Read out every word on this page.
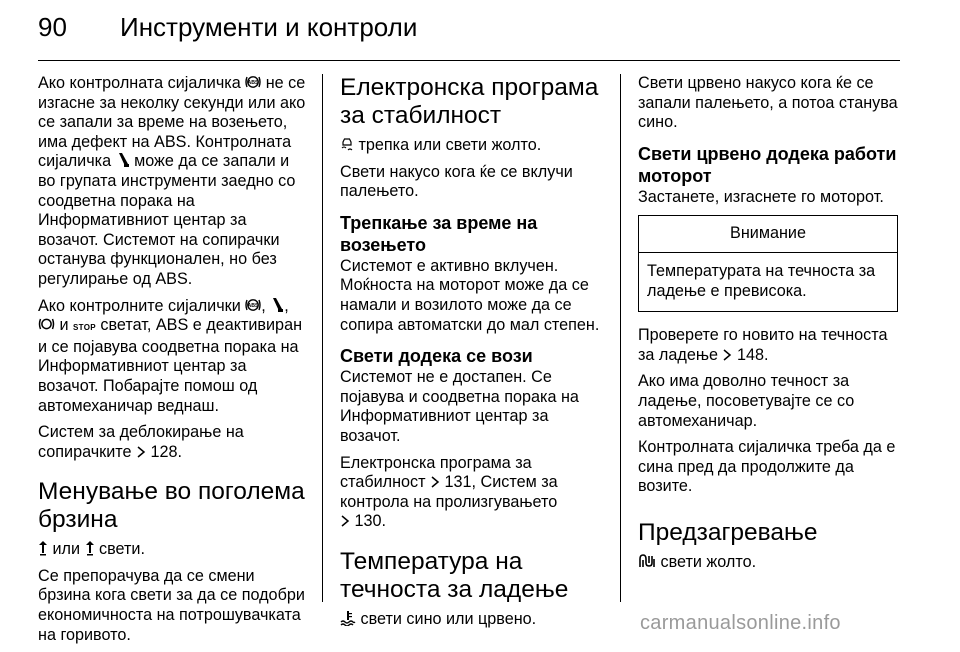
90	Инструменти и контроли

Ако контролната сијаличка ABS не се изгасне за неколку секунди или ако се запали за време на возењето, има дефект на ABS. Контролната сијаличка може да се запали и во групата инструменти заедно со соодветна порака на Информативниот центар за возачот. Системот на сопирачки останува функционален, но без регулирање од ABS.

Ако контролните сијалички ABS , ,  и STOP светат, ABS е деактивиран и се појавува соодветна порака на Информативниот центар за возачот. Побарајте помош од автомеханичар веднаш.

Систем за деблокирање на сопирачките 128.

Менување во поголема брзина

или свети.

Се препорачува да се смени брзина кога свети за да се подобри економичноста на потрошувачката на горивото.

Електронска програма за стабилност

трепка или свети жолто.

Свети накусо кога ќе се вклучи палењето.

Трепкање за време на возењето

Системот е активно вклучен. Моќноста на моторот може да се намали и возилото може да се сопира автоматски до мал степен.

Свети додека се вози

Системот не е достапен. Се појавува и соодветна порака на Информативниот центар за возачот.

Електронска програма за стабилност 131, Систем за контрола на пролизгувањето
130.

Температура на течноста за ладење

свети сино или црвено.

Свети црвено накусо кога ќе се запали палењето, а потоа станува сино.

Свети црвено додека работи моторот

Застанете, изгаснете го моторот.

Внимание
Температурата на течноста за ладење е превисока.

Проверете го новито на течноста за ладење 148.

Ако има доволно течност за ладење, посоветувајте се со автомеханичар.

Контролната сијаличка треба да е сина пред да продолжите да возите.

Предзагревање

свети жолто.

carmanualsonline.info
